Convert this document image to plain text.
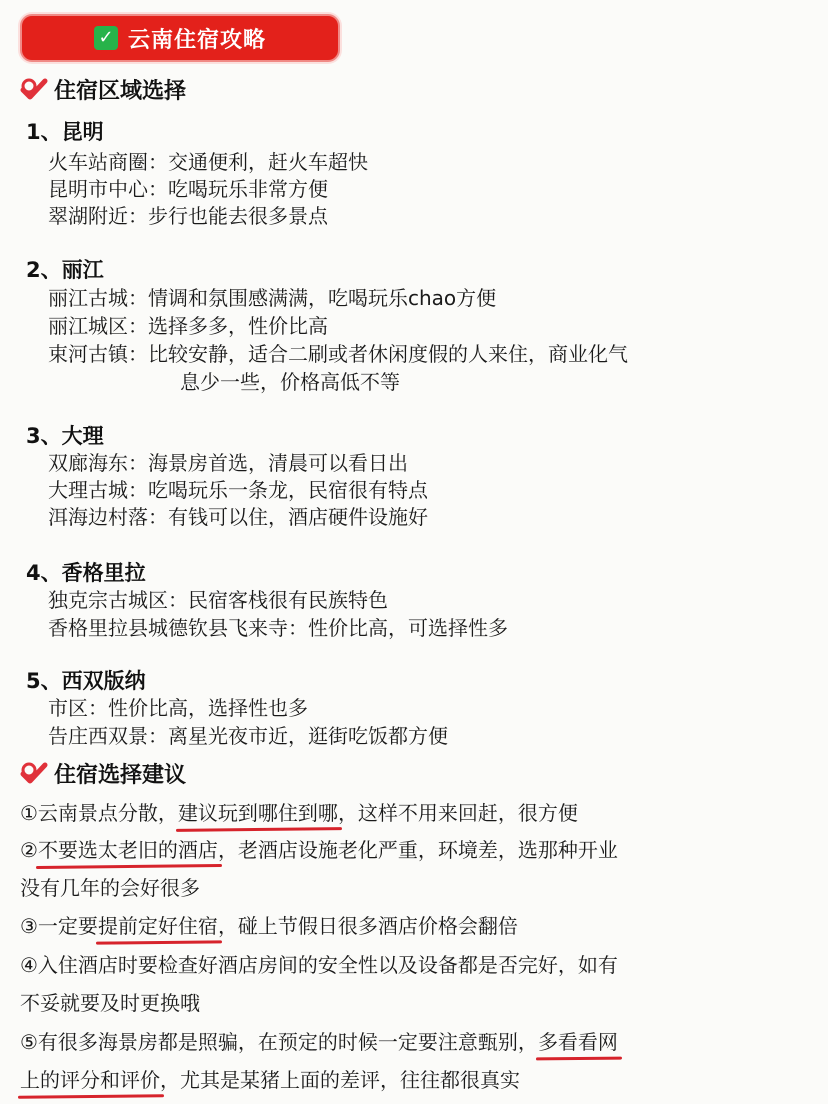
✓ 云南住宿攻略
住宿区域选择
1、昆明
火车站商圈：交通便利，赶火车超快
昆明市中心：吃喝玩乐非常方便
翠湖附近：步行也能去很多景点
2、丽江
丽江古城：情调和氛围感满满，吃喝玩乐chao方便
丽江城区：选择多多，性价比高
束河古镇：比较安静，适合二刷或者休闲度假的人来住，商业化气
息少一些，价格高低不等
3、大理
双廊海东：海景房首选，清晨可以看日出
大理古城：吃喝玩乐一条龙，民宿很有特点
洱海边村落：有钱可以住，酒店硬件设施好
4、香格里拉
独克宗古城区：民宿客栈很有民族特色
香格里拉县城德钦县飞来寺：性价比高，可选择性多
5、西双版纳
市区：性价比高，选择性也多
告庄西双景：离星光夜市近，逛街吃饭都方便
住宿选择建议
①云南景点分散，建议玩到哪住到哪，这样不用来回赶，很方便
②不要选太老旧的酒店，老酒店设施老化严重，环境差，选那种开业
没有几年的会好很多
③一定要提前定好住宿，碰上节假日很多酒店价格会翻倍
④入住酒店时要检查好酒店房间的安全性以及设备都是否完好，如有
不妥就要及时更换哦
⑤有很多海景房都是照骗，在预定的时候一定要注意甄别，多看看网
上的评分和评价，尤其是某猪上面的差评，往往都很真实
